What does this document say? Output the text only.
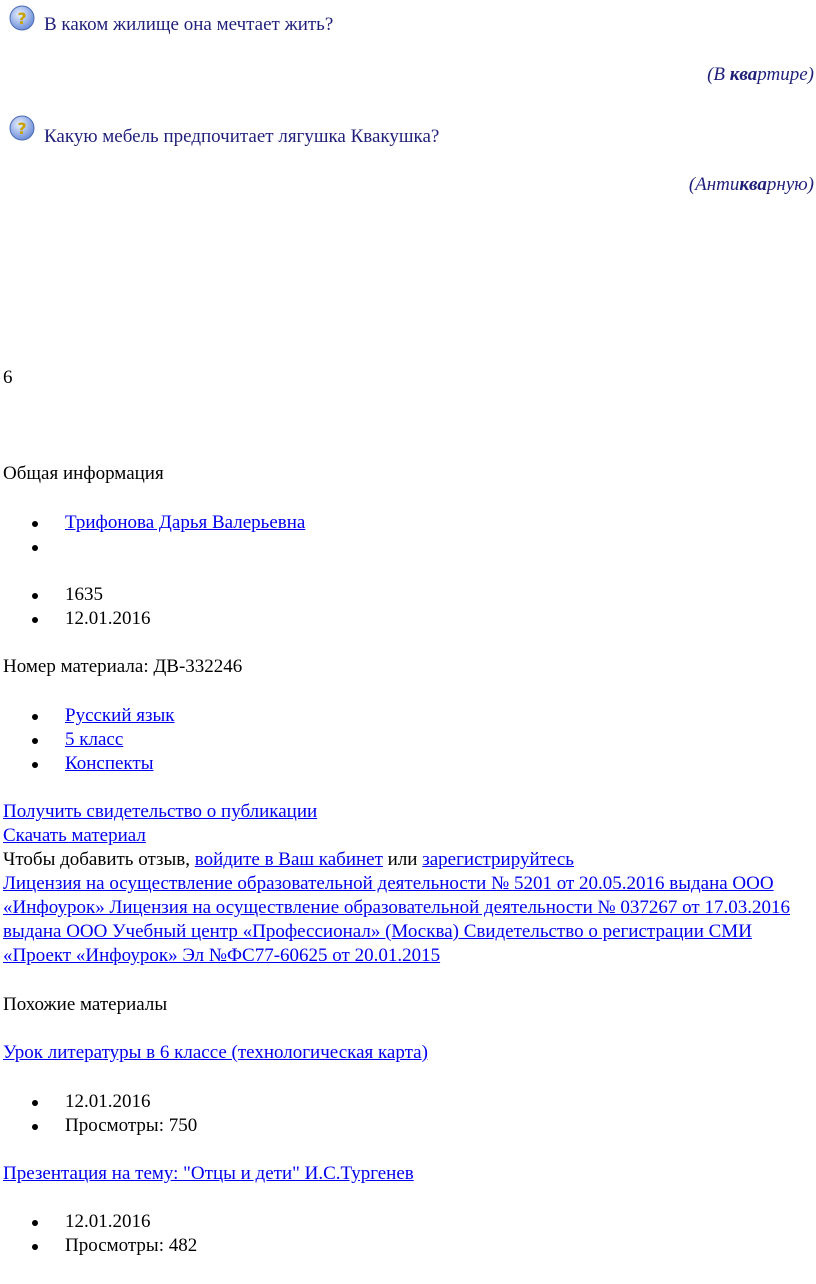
? В каком жилище она мечтает жить?
(В квартире)
? Какую мебель предпочитает лягушка Квакушка?
(Антикварную)
6
Общая информация
Трифонова Дарья Валерьевна
1635
12.01.2016
Номер материала: ДВ-332246
Русский язык
5 класс
Конспекты
Получить свидетельство о публикации
Скачать материал
Чтобы добавить отзыв, войдите в Ваш кабинет или зарегистрируйтесь
Лицензия на осуществление образовательной деятельности № 5201 от 20.05.2016 выдана ООО «Инфоурок» Лицензия на осуществление образовательной деятельности № 037267 от 17.03.2016 выдана ООО Учебный центр «Профессионал» (Москва) Свидетельство о регистрации СМИ «Проект «Инфоурок» Эл №ФС77-60625 от 20.01.2015
Похожие материалы
Урок литературы в 6 классе (технологическая карта)
12.01.2016
Просмотры: 750
Презентация на тему: "Отцы и дети" И.С.Тургенев
12.01.2016
Просмотры: 482
